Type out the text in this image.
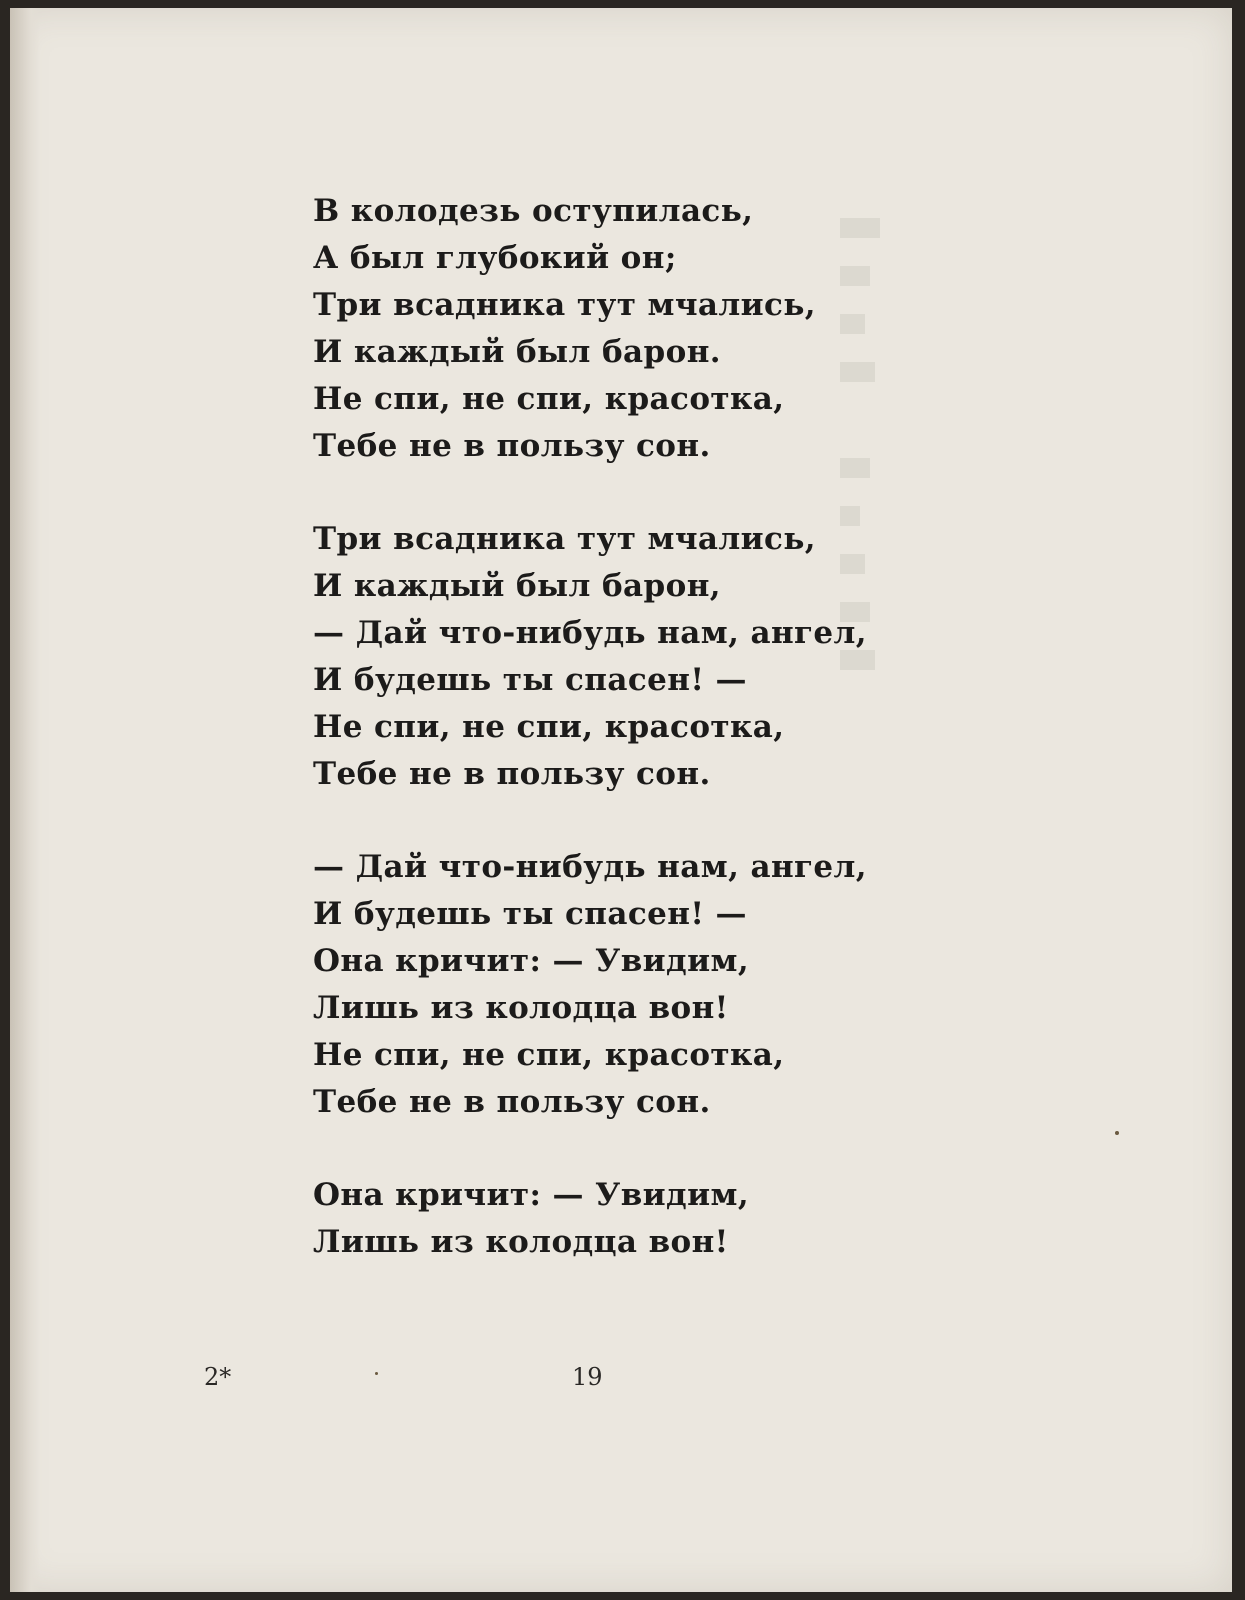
В колодезь оступилась,
А был глубокий он;
Три всадника тут мчались,
И каждый был барон.
Не спи, не спи, красотка,
Тебе не в пользу сон.
Три всадника тут мчались,
И каждый был барон,
— Дай что-нибудь нам, ангел,
И будешь ты спасен! —
Не спи, не спи, красотка,
Тебе не в пользу сон.
— Дай что-нибудь нам, ангел,
И будешь ты спасен! —
Она кричит: — Увидим,
Лишь из колодца вон!
Не спи, не спи, красотка,
Тебе не в пользу сон.
Она кричит: — Увидим,
Лишь из колодца вон!
2*	19
